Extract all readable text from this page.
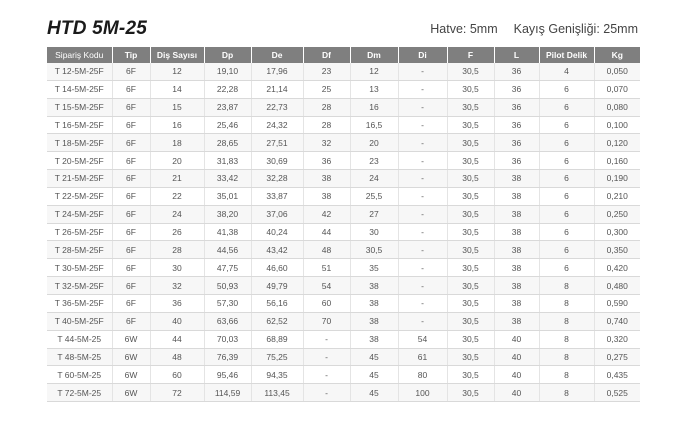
HTD 5M-25	Hatve: 5mm Kayış Genişliği: 25mm
Sipariş Kodu	Tip	Diş Sayısı	Dp	De	Df	Dm	Di	F	L	Pilot Delik	Kg
T 12-5M-25F	6F	12	19,10	17,96	23	12	-	30,5	36	4	0,050
T 14-5M-25F	6F	14	22,28	21,14	25	13	-	30,5	36	6	0,070
T 15-5M-25F	6F	15	23,87	22,73	28	16	-	30,5	36	6	0,080
T 16-5M-25F	6F	16	25,46	24,32	28	16,5	-	30,5	36	6	0,100
T 18-5M-25F	6F	18	28,65	27,51	32	20	-	30,5	36	6	0,120
T 20-5M-25F	6F	20	31,83	30,69	36	23	-	30,5	36	6	0,160
T 21-5M-25F	6F	21	33,42	32,28	38	24	-	30,5	38	6	0,190
T 22-5M-25F	6F	22	35,01	33,87	38	25,5	-	30,5	38	6	0,210
T 24-5M-25F	6F	24	38,20	37,06	42	27	-	30,5	38	6	0,250
T 26-5M-25F	6F	26	41,38	40,24	44	30	-	30,5	38	6	0,300
T 28-5M-25F	6F	28	44,56	43,42	48	30,5	-	30,5	38	6	0,350
T 30-5M-25F	6F	30	47,75	46,60	51	35	-	30,5	38	6	0,420
T 32-5M-25F	6F	32	50,93	49,79	54	38	-	30,5	38	8	0,480
T 36-5M-25F	6F	36	57,30	56,16	60	38	-	30,5	38	8	0,590
T 40-5M-25F	6F	40	63,66	62,52	70	38	-	30,5	38	8	0,740
T 44-5M-25	6W	44	70,03	68,89	-	38	54	30,5	40	8	0,320
T 48-5M-25	6W	48	76,39	75,25	-	45	61	30,5	40	8	0,275
T 60-5M-25	6W	60	95,46	94,35	-	45	80	30,5	40	8	0,435
T 72-5M-25	6W	72	114,59	113,45	-	45	100	30,5	40	8	0,525
